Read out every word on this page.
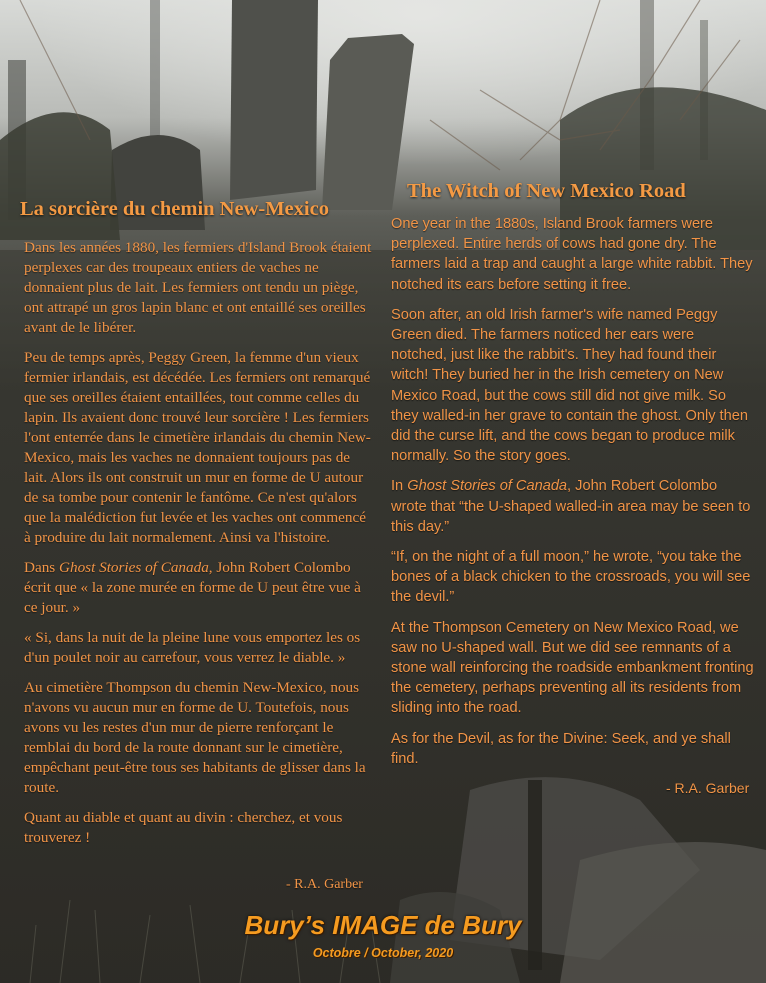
La sorcière du chemin New-Mexico

Dans les années 1880, les fermiers d'Island Brook étaient perplexes car des troupeaux entiers de vaches ne donnaient plus de lait. Les fermiers ont tendu un piège, ont attrapé un gros lapin blanc et ont entaillé ses oreilles avant de le libérer.

Peu de temps après, Peggy Green, la femme d'un vieux fermier irlandais, est décédée. Les fermiers ont remarqué que ses oreilles étaient entaillées, tout comme celles du lapin. Ils avaient donc trouvé leur sorcière ! Les fermiers l'ont enterrée dans le cimetière irlandais du chemin New-Mexico, mais les vaches ne donnaient toujours pas de lait. Alors ils ont construit un mur en forme de U autour de sa tombe pour contenir le fantôme. Ce n'est qu'alors que la malédiction fut levée et les vaches ont commencé à produire du lait normalement. Ainsi va l'histoire.

Dans Ghost Stories of Canada, John Robert Colombo écrit que « la zone murée en forme de U peut être vue à ce jour. »

« Si, dans la nuit de la pleine lune vous emportez les os d'un poulet noir au carrefour, vous verrez le diable. »

Au cimetière Thompson du chemin New-Mexico, nous n'avons vu aucun mur en forme de U. Toutefois, nous avons vu les restes d'un mur de pierre renforçant le remblai du bord de la route donnant sur le cimetière, empêchant peut-être tous ses habitants de glisser dans la route.

Quant au diable et quant au divin : cherchez, et vous trouverez !

- R.A. Garber
The Witch of New Mexico Road

One year in the 1880s, Island Brook farmers were perplexed. Entire herds of cows had gone dry. The farmers laid a trap and caught a large white rabbit. They notched its ears before setting it free.

Soon after, an old Irish farmer's wife named Peggy Green died. The farmers noticed her ears were notched, just like the rabbit's. They had found their witch! They buried her in the Irish cemetery on New Mexico Road, but the cows still did not give milk. So they walled-in her grave to contain the ghost. Only then did the curse lift, and the cows began to produce milk normally. So the story goes.

In Ghost Stories of Canada, John Robert Colombo wrote that “the U-shaped walled-in area may be seen to this day.”

“If, on the night of a full moon,” he wrote, “you take the bones of a black chicken to the crossroads, you will see the devil.”

At the Thompson Cemetery on New Mexico Road, we saw no U-shaped wall. But we did see remnants of a stone wall reinforcing the roadside embankment fronting the cemetery, perhaps preventing all its residents from sliding into the road.

As for the Devil, as for the Divine: Seek, and ye shall find.

- R.A. Garber
Bury’s IMAGE de Bury
Octobre / October, 2020
